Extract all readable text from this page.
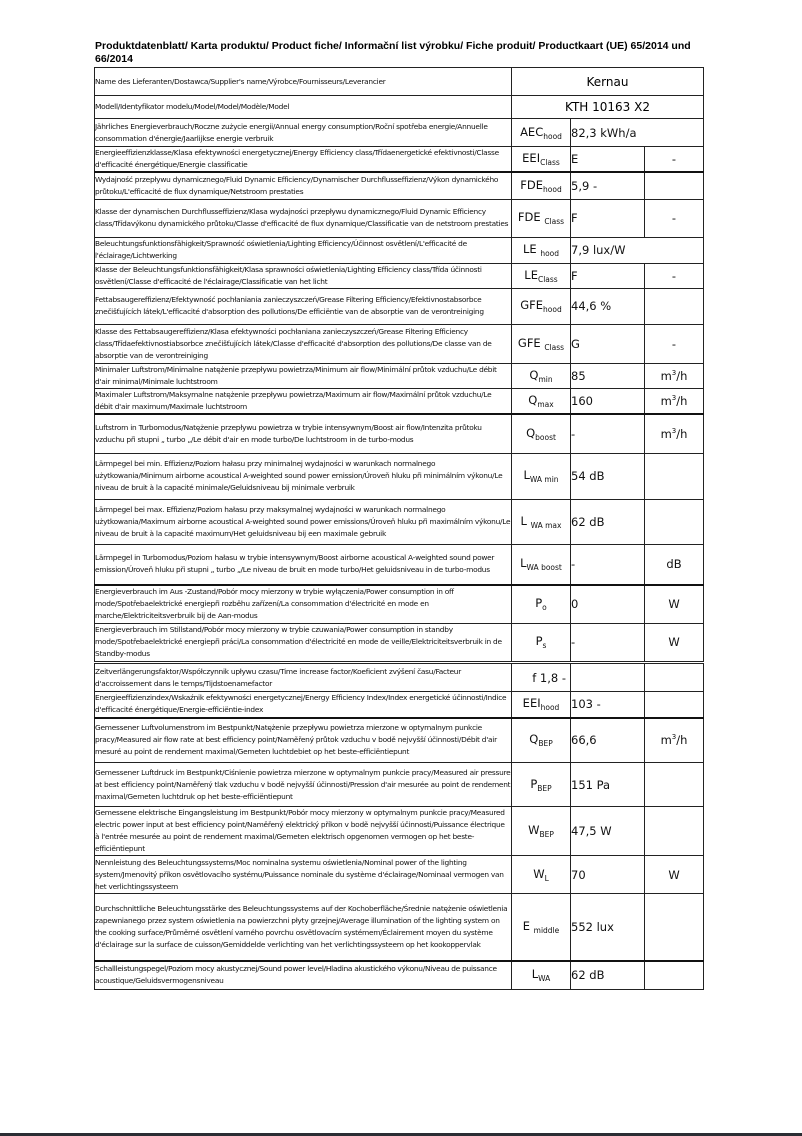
Produktdatenblatt/ Karta produktu/ Product fiche/ Informační list výrobku/ Fiche produit/ Productkaart (UE) 65/2014 und 66/2014
Name des Lieferanten/Dostawca/Supplier's name/Výrobce/Fournisseurs/Leverancier	Kernau		
Modell/Identyfikator modelu/Model/Model/Modèle/Model	KTH 10163 X2		
Jährliches Energieverbrauch/Roczne zużycie energii/Annual energy consumption/Roční spotřeba energie/Annuelle consommation d'énergie/Jaarlijkse energie verbruik	$AEC_{hood}$	82,3 kWh/a	
Energieeffizienzklasse/Klasa efektywności energetycznej/Energy Efficiency class/Třídaenergetické efektivnosti/Classe d'efficacité énergétique/Energie classificatie	$EEI_{Class}$	E	-
Wydajność przepływu dynamicznego/Fluid Dynamic Efficiency/Dynamischer Durchflusseffizienz/Výkon dynamického průtoku/L'efficacité de flux dynamique/Netstroom prestaties	$FDE_{hood}$	5,9 -	
Klasse der dynamischen Durchflusseffizienz/Klasa wydajności przepływu dynamicznego/Fluid Dynamic Efficiency class/Třídavýkonu dynamického průtoku/Classe d'efficacité de flux dynamique/Classificatie van de netstroom prestaties	FDE $_{Class}$	F	-
Beleuchtungsfunktionsfähigkeit/Sprawność oświetlenia/Lighting Efficiency/Účinnost osvětlení/L'efficacité de l'éclairage/Lichtwerking	LE $_{hood}$	7,9 lux/W	
Klasse der Beleuchtungsfunktionsfähigkeit/Klasa sprawności oświetlenia/Lighting Efficiency class/Třída účinnosti osvětlení/Classe d'efficacité de l'éclairage/Classificatie van het licht	$LE_{Class}$	F	-
Fettabsaugereffizienz/Efektywność pochłaniania zanieczyszczeń/Grease Filtering Efficiency/Efektivnostabsorbce znečišťujících látek/L'efficacité d'absorption des pollutions/De efficiëntie van de absorptie van de verontreiniging	$GFE_{hood}$	44,6 %	
Klasse des Fettabsaugereffizienz/Klasa efektywności pochłaniana zanieczyszczeń/Grease Filtering Efficiency class/Třídaefektivnostiabsorbce znečišťujících látek/Classe d'efficacité d'absorption des pollutions/De classe van de absorptie van de verontreiniging	GFE $_{Class}$	G	-
Minimaler Luftstrom/Minimalne natężenie przepływu powietrza/Minimum air flow/Minimální průtok vzduchu/Le débit d'air minimal/Minimale luchtstroom	$Q_{min}$	85	$m^3/h$
Maximaler Luftstrom/Maksymalne natężenie przepływu powietrza/Maximum air flow/Maximální průtok vzduchu/Le débit d'air maximum/Maximale luchtstroom	$Q_{max}$	160	$m^3/h$
Luftstrom in Turbomodus/Natężenie przepływu powietrza w trybie intensywnym/Boost air flow/Intenzita průtoku vzduchu při stupni „ turbo „/Le débit d'air en mode turbo/De luchtstroom in de turbo-modus	$Q_{boost}$	-	$m^3/h$
Lärmpegel bei min. Effizienz/Poziom hałasu przy minimalnej wydajności w warunkach normalnego użytkowania/Minimum airborne acoustical A-weighted sound power emission/Úroveň hluku při minimálním výkonu/Le niveau de bruit à la capacité minimale/Geluidsniveau bij minimale verbruik	$L_{WA min}$	54 dB	
Lärmpegel bei max. Effizienz/Poziom hałasu przy maksymalnej wydajności w warunkach normalnego użytkowania/Maximum airborne acoustical A-weighted sound power emissions/Úroveň hluku při maximálním výkonu/Le niveau de bruit à la capacité maximum/Het geluidsniveau bij een maximale gebruik	L $_{WA max}$	62 dB	
Lärmpegel in Turbomodus/Poziom hałasu w trybie intensywnym/Boost airborne acoustical A-weighted sound power emission/Úroveň hluku při stupni „ turbo „/Le niveau de bruit en mode turbo/Het geluidsniveau in de turbo-modus	$L_{WA boost}$	-	dB
Energieverbrauch im Aus -Zustand/Pobór mocy mierzony w trybie wyłączenia/Power consumption in off mode/Spotřebaelektrické energiepři rozběhu zařízení/La consommation d'électricité en mode en marche/Elektriciteitsverbruik bij de Aan-modus	$P_o$	0	W
Energieverbrauch im Stillstand/Pobór mocy mierzony w trybie czuwania/Power consumption in standby mode/Spotřebaelektrické energiepři práci/La consommation d'électricité en mode de veille/Elektriciteitsverbruik in de Standby-modus	$P_s$	-	W
Zeitverlängerungsfaktor/Współczynnik upływu czasu/Time increase factor/Koeficient zvýšení času/Facteur d'accroissement dans le temps/Tijdstoenamefactor	f 1,8 -		
Energieeffizienzindex/Wskaźnik efektywności energetycznej/Energy Efficiency Index/Index energetické účinnosti/Indice d'efficacité énergétique/Energie-efficiëntie-index	$EEI_{hood}$	103 -	
Gemessener Luftvolumenstrom im Bestpunkt/Natężenie przepływu powietrza mierzone w optymalnym punkcie pracy/Measured air flow rate at best efficiency point/Naměřený průtok vzduchu v bodě nejvyšší účinnosti/Débit d'air mesuré au point de rendement maximal/Gemeten luchtdebiet op het beste-efficiëntiepunt	$Q_{BEP}$	66,6	$m^3/h$
Gemessener Luftdruck im Bestpunkt/Ciśnienie powietrza mierzone w optymalnym punkcie pracy/Measured air pressure at best efficiency point/Naměřený tlak vzduchu v bodě nejvyšší účinnosti/Pression d'air mesurée au point de rendement maximal/Gemeten luchtdruk op het beste-efficiëntiepunt	$P_{BEP}$	151 Pa	
Gemessene elektrische Eingangsleistung im Bestpunkt/Pobór mocy mierzony w optymalnym punkcie pracy/Measured electric power input at best efficiency point/Naměřený elektrický příkon v bodě nejvyšší účinnosti/Puissance électrique à l'entrée mesurée au point de rendement maximal/Gemeten elektrisch opgenomen vermogen op het beste-efficiëntiepunt	$W_{BEP}$	47,5 W	
Nennleistung des Beleuchtungssystems/Moc nominalna systemu oświetlenia/Nominal power of the lighting system/Jmenovitý příkon osvětlovacího systému/Puissance nominale du système d'éclairage/Nominaal vermogen van het verlichtingssysteem	$W_L$	70	W
Durchschnittliche Beleuchtungsstärke des Beleuchtungssystems auf der Kochoberfläche/Średnie natężenie oświetlenia zapewnianego przez system oświetlenia na powierzchni płyty grzejnej/Average illumination of the lighting system on the cooking surface/Průměrné osvětlení varného povrchu osvětlovacím systémem/Éclairement moyen du système d'éclairage sur la surface de cuisson/Gemiddelde verlichting van het verlichtingssysteem op het kookoppervlak	E $_{middle}$	552 lux	
Schallleistungspegel/Poziom mocy akustycznej/Sound power level/Hladina akustického výkonu/Niveau de puissance acoustique/Geluidsvermogensniveau	$L_{WA}$	62 dB	
